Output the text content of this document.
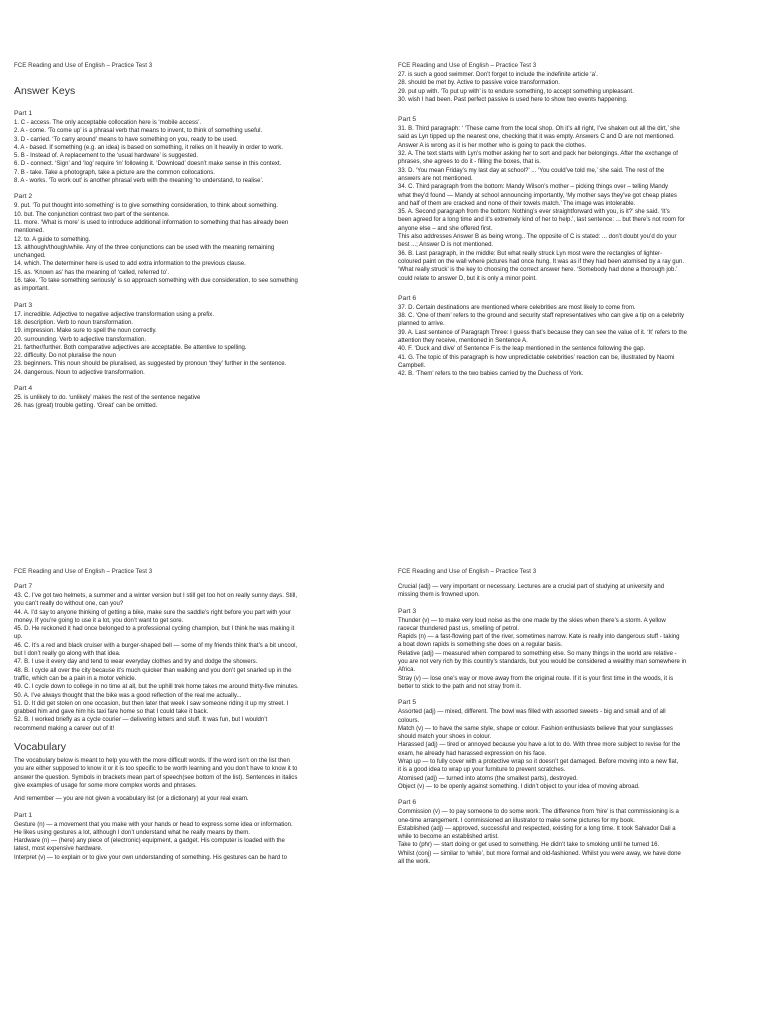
FCE Reading and Use of English – Practice Test 3
Answer Keys
Part 1
1. C - access. The only acceptable collocation here is ‘mobile access’.
2. A - come. ‘To come up’ is a phrasal verb that means to invent, to think of something useful.
3. D - carried. ‘To carry around’ means to have something on you, ready to be used.
4. A - based. If something (e.g. an idea) is based on something, it relies on it heavily in order to work.
5. B - Instead of. A replacement to the ‘usual hardware’ is suggested.
6. D - connect. ‘Sign’ and ‘log’ require ‘in’ following it. ‘Download’ doesn’t make sense in this context.
7. B - take. Take a photograph, take a picture are the common collocations.
8. A - works. ‘To work out’ is another phrasal verb with the meaning ‘to understand, to realise’.
Part 2
9. put. ‘To put thought into something’ is to give something consideration, to think about something.
10. but. The conjunction contrast two part of the sentence.
11. more. ‘What is more’ is used to introduce additional information to something that has already been
mentioned.
12. to. A guide to something.
13. although/though/while. Any of the three conjunctions can be used with the meaning remaining
unchanged.
14. which. The determiner here is used to add extra information to the previous clause.
15. as. ‘Known as’ has the meaning of ‘called, referred to’.
16. take. ‘To take something seriously’ is so approach something with due consideration, to see something
as important.
Part 3
17. incredible. Adjective to negative adjective transformation using a prefix.
18. description. Verb to noun transformation.
19. impression. Make sure to spell the noun correctly.
20. surrounding. Verb to adjective transformation.
21. farther/further. Both comparative adjectives are acceptable. Be attentive to spelling.
22. difficulty. Do not pluralise the noun
23. beginners. This noun should be pluralised, as suggested by pronoun ‘they’ further in the sentence.
24. dangerous. Noun to adjective transformation.
Part 4
25. is unlikely to do. ‘unlikely’ makes the rest of the sentence negative
26. has (great) trouble getting. ‘Great’ can be omitted.
FCE Reading and Use of English – Practice Test 3
27. is such a good swimmer. Don’t forget to include the indefinite article ‘a’.
28. should be met by. Active to passive voice transformation.
29. put up with. ‘To put up with’ is to endure something, to accept something unpleasant.
30. wish I had been. Past perfect passive is used here to show two events happening.
Part 5
31. B. Third paragraph: ‘ ‘These came from the local shop. Oh it’s all right, I’ve shaken out all the dirt,’ she
said as Lyn tipped up the nearest one, checking that it was empty. Answers C and D are not mentioned.
Answer A is wrong as it is her mother who is going to pack the clothes.
32. A. The text starts with Lyn’s mother asking her to sort and pack her belongings. After the exchange of
phrases, she agrees to do it - filling the boxes, that is.
33. D. ‘You mean Friday’s my last day at school?’ ... ‘You could’ve told me,’ she said. The rest of the
answers are not mentioned.
34. C. Third paragraph from the bottom: Mandy Wilson’s mother – picking things over – telling Mandy
what they’d found — Mandy at school announcing importantly, ‘My mother says they’ve got cheap plates
and half of them are cracked and none of their towels match.’ The image was intolerable.
35. A. Second paragraph from the bottom: Nothing’s ever straightforward with you, is it?’ she said. ‘It’s
been agreed for a long time and it’s extremely kind of her to help.’, last sentence: ... but there’s not room for
anyone else – and she offered first.
This also addresses Answer B as being wrong.. The opposite of C is stated: ... don’t doubt you’d do your
best ...; Answer D is not mentioned.
36. B. Last paragraph, in the middle: But what really struck Lyn most were the rectangles of lighter-
coloured paint on the wall where pictures had once hung. It was as if they had been atomised by a ray gun.
‘What really struck’ is the key to choosing the correct answer here. ‘Somebody had done a thorough job.’
could relate to answer D, but it is only a minor point.
Part 6
37. D. Certain destinations are mentioned where celebrities are most likely to come from.
38. C. ‘One of them’ refers to the ground and security staff representatives who can give a tip on a celebrity
planned to arrive.
39. A. Last sentence of Paragraph Three: I guess that’s because they can see the value of it. ‘It’ refers to the
attention they receive, mentioned in Sentence A.
40. F. ‘Duck and dive’ of Sentence F is the leap mentioned in the sentence following the gap.
41. G. The topic of this paragraph is how unpredictable celebrities’ reaction can be, illustrated by Naomi
Campbell.
42. B. ‘Them’ refers to the two babies carried by the Duchess of York.
FCE Reading and Use of English – Practice Test 3
Part 7
43. C. I’ve got two helmets, a summer and a winter version but I still get too hot on really sunny days. Still,
you can’t really do without one, can you?
44. A. I’d say to anyone thinking of getting a bike, make sure the saddle’s right before you part with your
money. If you’re going to use it a lot, you don’t want to get sore.
45. D. He reckoned it had once belonged to a professional cycling champion, but I think he was making it
up.
46. C. It’s a red and black cruiser with a burger-shaped bell — some of my friends think that’s a bit uncool,
but I don’t really go along with that idea.
47. B. I use it every day and tend to wear everyday clothes and try and dodge the showers.
48. B. I cycle all over the city because it’s much quicker than walking and you don’t get snarled up in the
traffic, which can be a pain in a motor vehicle.
49. C. I cycle down to college in no time at all, but the uphill trek home takes me around thirty-five minutes.
50. A. I’ve always thought that the bike was a good reflection of the real me actually...
51. D. It did get stolen on one occasion, but then later that week I saw someone riding it up my street. I
grabbed him and gave him his taxi fare home so that I could take it back.
52. B. I worked briefly as a cycle courier — delivering letters and stuff. It was fun, but I wouldn’t
recommend making a career out of it!
Vocabulary
The vocabulary below is meant to help you with the more difficult words. If the word isn’t on the list then
you are either supposed to know it or it is too specific to be worth learning and you don’t have to know it to
answer the question. Symbols in brackets mean part of speech(see bottom of the list). Sentences in italics
give examples of usage for some more complex words and phrases.
And remember — you are not given a vocabulary list (or a dictionary) at your real exam.
Part 1
Gesture (n) — a movement that you make with your hands or head to express some idea or information.
He likes using gestures a lot, although I don’t understand what he really means by them.
Hardware (n) — (here) any piece of (electronic) equipment, a gadget. His computer is loaded with the
latest, most expensive hardware.
Interpret (v) — to explain or to give your own understanding of something. His gestures can be hard to
FCE Reading and Use of English – Practice Test 3
Crucial (adj) — very important or necessary. Lectures are a crucial part of studying at university and
missing them is frowned upon.
Part 3
Thunder (v) — to make very loud noise as the one made by the skies when there’s a storm. A yellow
racecar thundered past us, smelling of petrol.
Rapids (n) — a fast-flowing part of the river, sometimes narrow. Kate is really into dangerous stuff - taking
a boat down rapids is something she does on a regular basis.
Relative (adj) — measured when compared to something else. So many things in the world are relative -
you are not very rich by this country’s standards, but you would be considered a wealthy man somewhere in
Africa.
Stray (v) — lose one’s way or move away from the original route. If it is your first time in the woods, it is
better to stick to the path and not stray from it.
Part 5
Assorted (adj) — mixed, different. The bowl was filled with assorted sweets - big and small and of all
colours.
Match (v) — to have the same style, shape or colour. Fashion enthusiasts believe that your sunglasses
should match your shoes in colour.
Harassed (adj) — tired or annoyed because you have a lot to do. With three more subject to revise for the
exam, he already had harassed expression on his face.
Wrap up — to fully cover with a protective wrap so it doesn’t get damaged. Before moving into a new flat,
it is a good idea to wrap up your furniture to prevent scratches.
Atomised (adj) — turned into atoms (the smallest parts), destroyed.
Object (v) — to be openly against something. I didn’t object to your idea of moving abroad.
Part 6
Commission (v) — to pay someone to do some work. The difference from ‘hire’ is that commissioning is a
one-time arrangement. I commissioned an illustrator to make some pictures for my book.
Established (adj) — approved, successful and respected, existing for a long time. It took Salvador Dali a
while to become an established artist.
Take to (phr) — start doing or get used to something. He didn’t take to smoking until he turned 16.
Whilst (conj) — similar to ‘while’, but more formal and old-fashioned. Whilst you were away, we have done
all the work.
